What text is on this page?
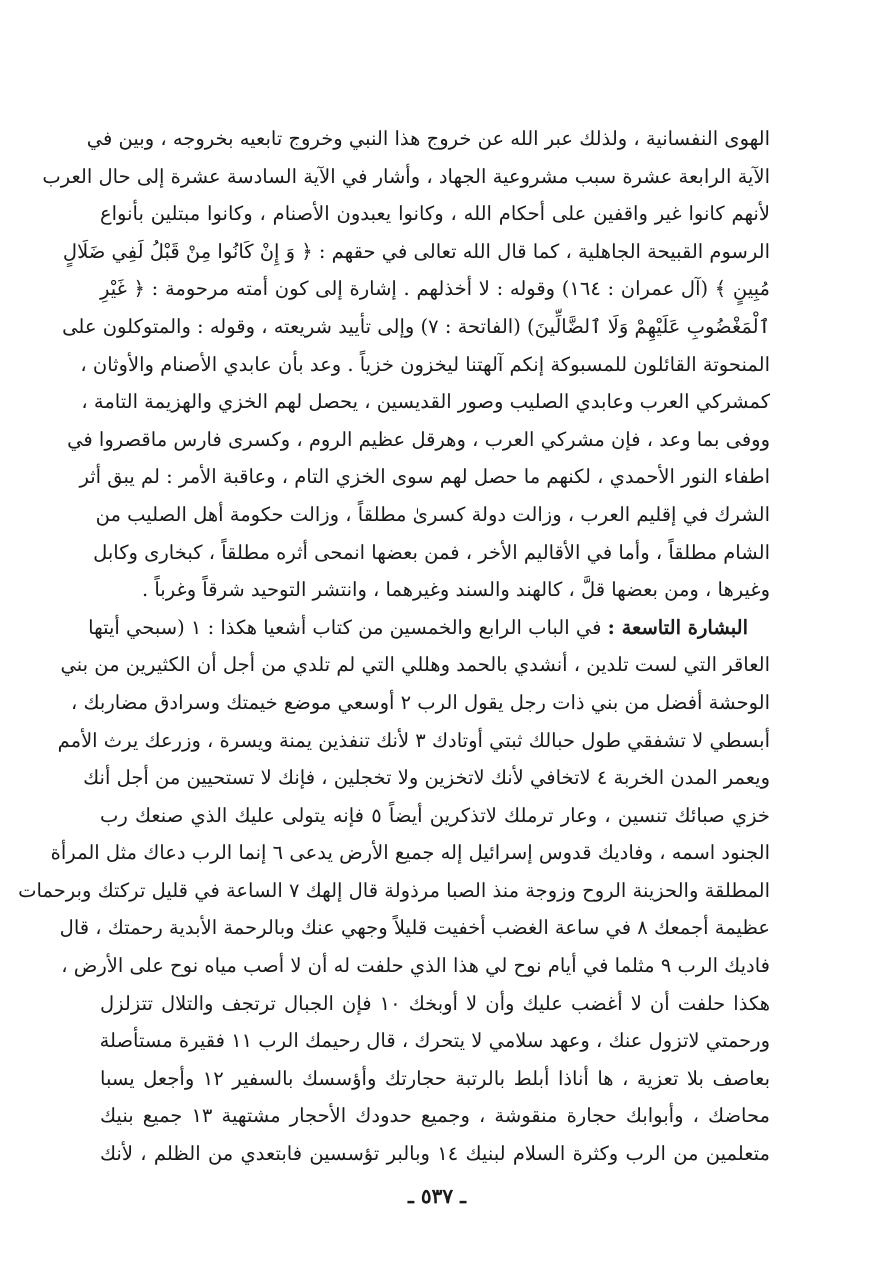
الهوى النفسانية ، ولذلك عبر الله عن خروج هذا النبي وخروج تابعيه بخروجه ، وبين في
الآية الرابعة عشرة سبب مشروعية الجهاد ، وأشار في الآية السادسة عشرة إلى حال العرب
لأنهم كانوا غير واقفين على أحكام الله ، وكانوا يعبدون الأصنام ، وكانوا مبتلين بأنواع
الرسوم القبيحة الجاهلية ، كما قال الله تعالى في حقهم : ﴿ وَ إِنْ كَانُوا مِنْ قَبْلُ لَفِي ضَلَالٍ
مُبِينٍ ﴾ (آل عمران : ١٦٤) وقوله : لا أخذلهم . إشارة إلى كون أمته مرحومة : ﴿ غَيْرِ
ٱلْمَغْضُوبِ عَلَيْهِمْ وَلَا ٱلضَّالِّينَ) (الفاتحة : ٧) وإلى تأييد شريعته ، وقوله : والمتوكلون على
المنحوتة القائلون للمسبوكة إنكم آلهتنا ليخزون خزياً . وعد بأن عابدي الأصنام والأوثان ،
كمشركي العرب وعابدي الصليب وصور القديسين ، يحصل لهم الخزي والهزيمة التامة ،
ووفى بما وعد ، فإن مشركي العرب ، وهرقل عظيم الروم ، وكسرى فارس ماقصروا في
اطفاء النور الأحمدي ، لكنهم ما حصل لهم سوى الخزي التام ، وعاقبة الأمر : لم يبق أثر
الشرك في إقليم العرب ، وزالت دولة كسرىٰ مطلقاً ، وزالت حكومة أهل الصليب من
الشام مطلقاً ، وأما في الأقاليم الأخر ، فمن بعضها انمحى أثره مطلقاً ، كبخارى وكابل
وغيرها ، ومن بعضها قلَّ ، كالهند والسند وغيرهما ، وانتشر التوحيد شرقاً وغرباً .
البشارة التاسعة : في الباب الرابع والخمسين من كتاب أشعيا هكذا : ١ (سبحي أيتها
العاقر التي لست تلدين ، أنشدي بالحمد وهللي التي لم تلدي من أجل أن الكثيرين من بني
الوحشة أفضل من بني ذات رجل يقول الرب ٢ أوسعي موضع خيمتك وسرادق مضاربك ،
أبسطي لا تشفقي طول حبالك ثبتي أوتادك ٣ لأنك تنفذين يمنة ويسرة ، وزرعك يرث الأمم
ويعمر المدن الخربة ٤ لاتخافي لأنك لاتخزين ولا تخجلين ، فإنك لا تستحيين من أجل أنك
خزي صبائك تنسين ، وعار ترملك لاتذكرين أيضاً ٥ فإنه يتولى عليك الذي صنعك رب
الجنود اسمه ، وفاديك قدوس إسرائيل إله جميع الأرض يدعى ٦ إنما الرب دعاك مثل المرأة
المطلقة والحزينة الروح وزوجة منذ الصبا مرذولة قال إلهك ٧ الساعة في قليل تركتك وبرحمات
عظيمة أجمعك ٨ في ساعة الغضب أخفيت قليلاً وجهي عنك وبالرحمة الأبدية رحمتك ، قال
فاديك الرب ٩ مثلما في أيام نوح لي هذا الذي حلفت له أن لا أصب مياه نوح على الأرض ،
هكذا حلفت أن لا أغضب عليك وأن لا أوبخك ١٠ فإن الجبال ترتجف والتلال تتزلزل
ورحمتي لاتزول عنك ، وعهد سلامي لا يتحرك ، قال رحيمك الرب ١١ فقيرة مستأصلة
بعاصف بلا تعزية ، ها أناذا أبلط بالرتبة حجارتك وأؤسسك بالسفير ١٢ وأجعل يسبا
محاضك ، وأبوابك حجارة منقوشة ، وجميع حدودك الأحجار مشتهية ١٣ جميع بنيك
متعلمين من الرب وكثرة السلام لبنيك ١٤ وبالبر تؤسسين فابتعدي من الظلم ، لأنك
ـ ٥٣٧ ـ
